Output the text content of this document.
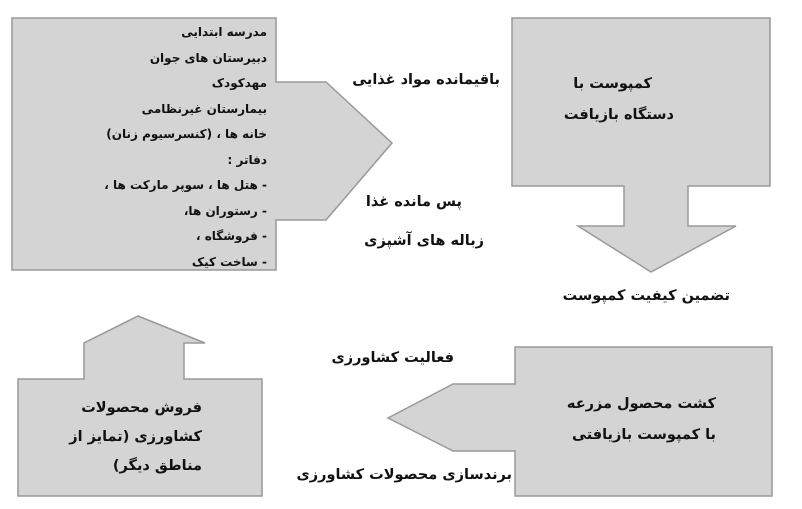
مدرسه ابتدایی
دبیرستان های جوان
مهدکودک
بیمارستان غیرنظامی
خانه ها ، (کنسرسیوم زنان)
دفاتر :
- هتل ها ، سوپر مارکت ها ،
- رستوران ها،
- فروشگاه ،
- ساخت کیک
باقیمانده مواد غذایی
پس مانده غذا
زباله های آشپزی
تضمین کیفیت کمپوست
فعالیت کشاورزی
برندسازی محصولات کشاورزی
کمپوست با
دستگاه بازیافت
کشت محصول مزرعه
با کمپوست بازیافتی
فروش محصولات
کشاورزی (تمایز از
مناطق دیگر)
